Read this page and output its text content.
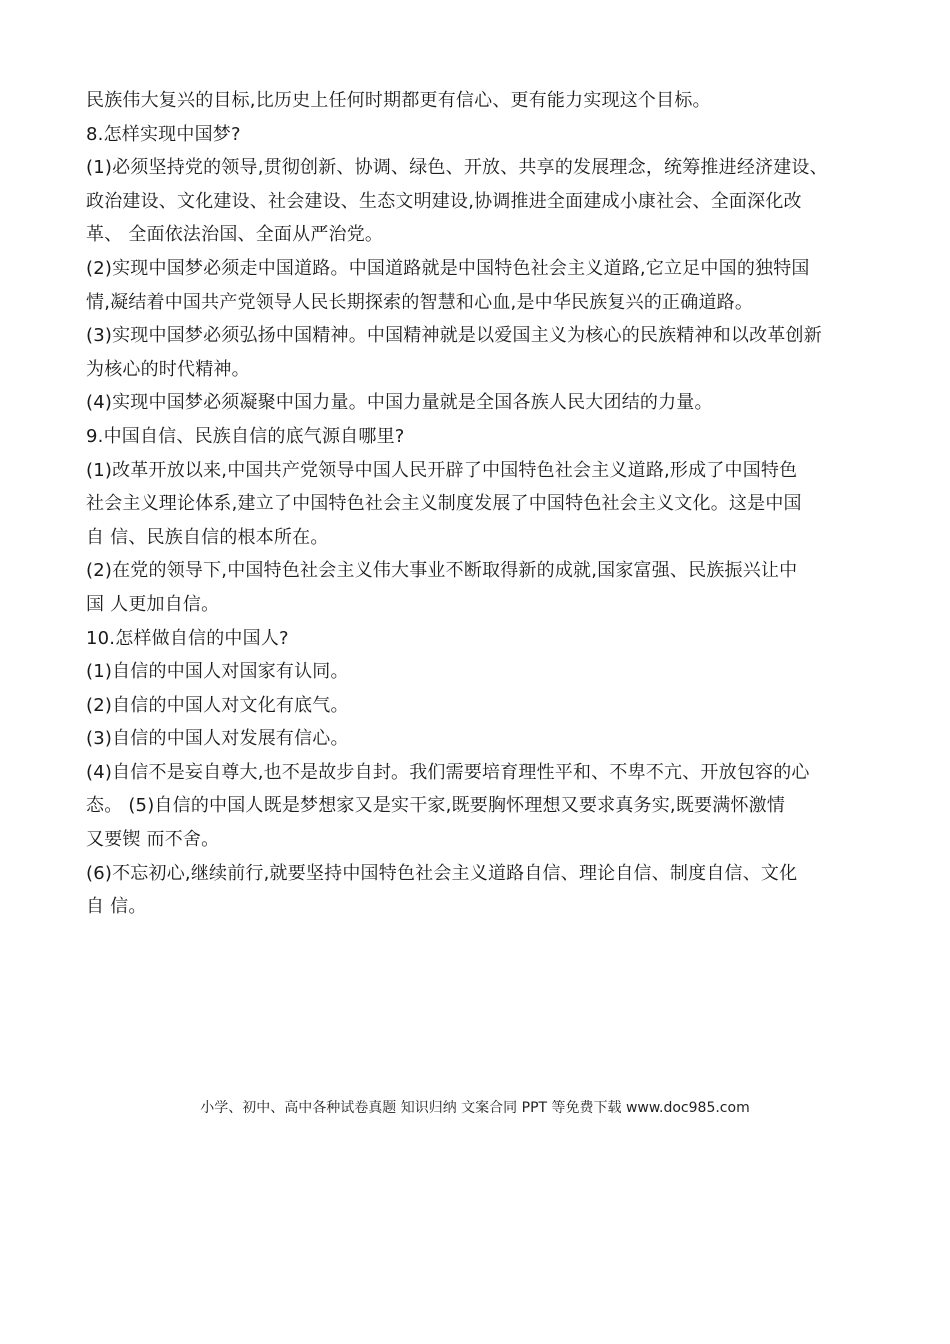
民族伟大复兴的目标,比历史上任何时期都更有信心、更有能力实现这个目标。
8.怎样实现中国梦?
(1)必须坚持党的领导,贯彻创新、协调、绿色、开放、共享的发展理念，统筹推进经济建设、
政治建设、文化建设、社会建设、生态文明建设,协调推进全面建成小康社会、全面深化改
革、 全面依法治国、全面从严治党。
(2)实现中国梦必须走中国道路。中国道路就是中国特色社会主义道路,它立足中国的独特国
情,凝结着中国共产党领导人民长期探索的智慧和心血,是中华民族复兴的正确道路。
(3)实现中国梦必须弘扬中国精神。中国精神就是以爱国主义为核心的民族精神和以改革创新
为核心的时代精神。
(4)实现中国梦必须凝聚中国力量。中国力量就是全国各族人民大团结的力量。
9.中国自信、民族自信的底气源自哪里?
(1)改革开放以来,中国共产党领导中国人民开辟了中国特色社会主义道路,形成了中国特色
社会主义理论体系,建立了中国特色社会主义制度发展了中国特色社会主义文化。这是中国
自 信、民族自信的根本所在。
(2)在党的领导下,中国特色社会主义伟大事业不断取得新的成就,国家富强、民族振兴让中
国 人更加自信。
10.怎样做自信的中国人?
(1)自信的中国人对国家有认同。
(2)自信的中国人对文化有底气。
(3)自信的中国人对发展有信心。
(4)自信不是妄自尊大,也不是故步自封。我们需要培育理性平和、不卑不亢、开放包容的心
态。 (5)自信的中国人既是梦想家又是实干家,既要胸怀理想又要求真务实,既要满怀激情
又要锲 而不舍。
(6)不忘初心,继续前行,就要坚持中国特色社会主义道路自信、理论自信、制度自信、文化
自 信。
小学、初中、高中各种试卷真题 知识归纳 文案合同 PPT 等免费下载 www.doc985.com
